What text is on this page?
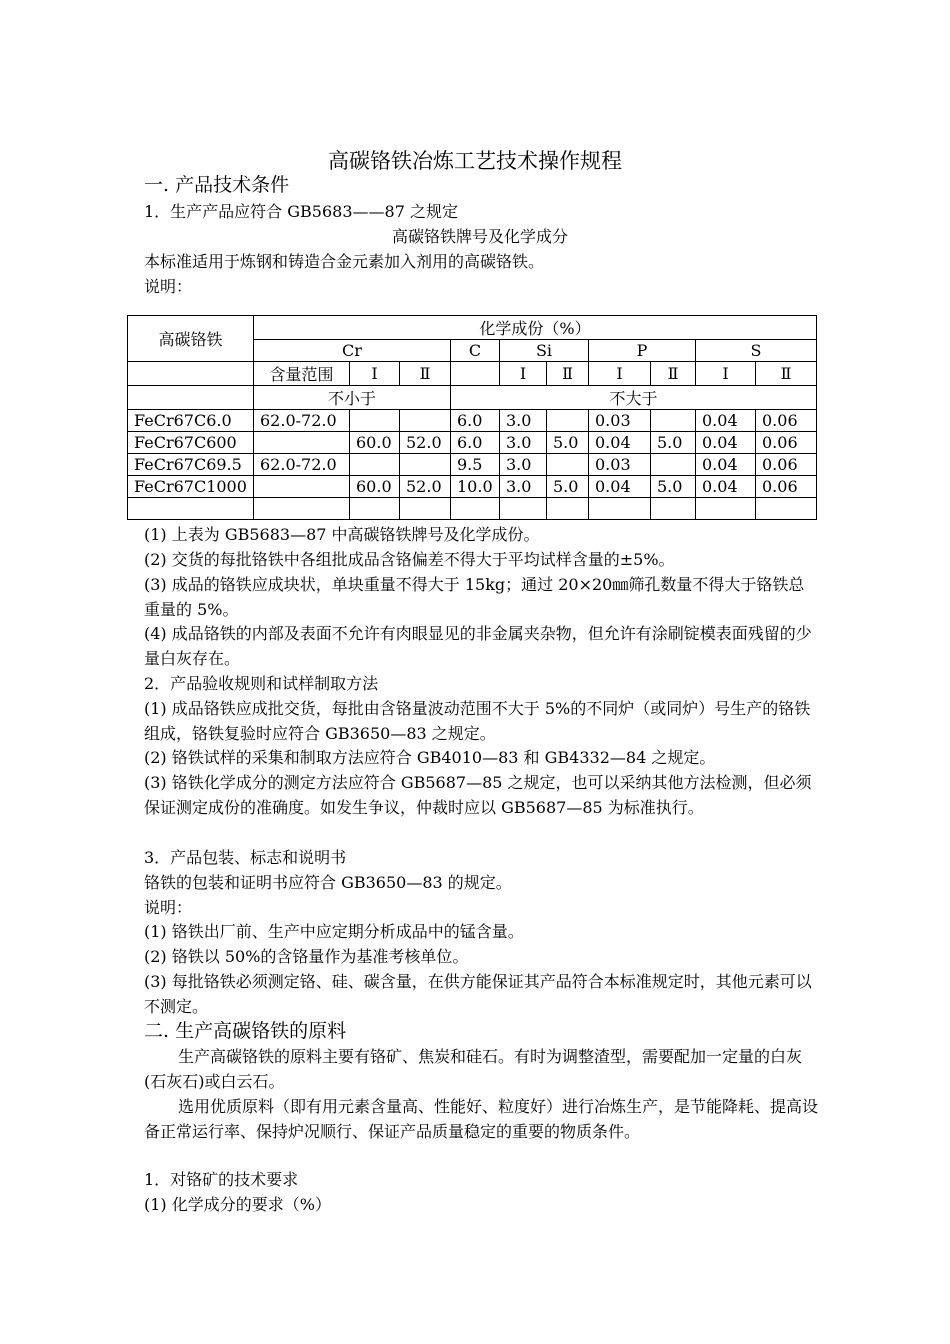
高碳铬铁冶炼工艺技术操作规程
一. 产品技术条件
1．生产产品应符合 GB5683——87 之规定
高碳铬铁牌号及化学成分
本标准适用于炼钢和铸造合金元素加入剂用的高碳铬铁。
说明：
高碳铬铁	化学成份（%）										
	Cr			C	Si		P		S		
	含量范围	Ⅰ	Ⅱ		Ⅰ	Ⅱ	Ⅰ	Ⅱ	Ⅰ	Ⅱ	
	不小于			不大于							
FeCr67C6.0	62.0-72.0			6.0	3.0		0.03		0.04	0.06	
FeCr67C600		60.0	52.0	6.0	3.0	5.0	0.04	5.0	0.04	0.06	
FeCr67C69.5	62.0-72.0			9.5	3.0		0.03		0.04	0.06	
FeCr67C1000		60.0	52.0	10.0	3.0	5.0	0.04	5.0	0.04	0.06	

(1) 上表为 GB5683—87 中高碳铬铁牌号及化学成份。
(2) 交货的每批铬铁中各组批成品含铬偏差不得大于平均试样含量的±5%。
(3) 成品的铬铁应成块状，单块重量不得大于 15kg；通过 20×20㎜筛孔数量不得大于铬铁总重量的 5%。
(4) 成品铬铁的内部及表面不允许有肉眼显见的非金属夹杂物，但允许有涂刷锭模表面残留的少量白灰存在。
2．产品验收规则和试样制取方法
(1) 成品铬铁应成批交货，每批由含铬量波动范围不大于 5%的不同炉（或同炉）号生产的铬铁组成，铬铁复验时应符合 GB3650—83 之规定。
(2) 铬铁试样的采集和制取方法应符合 GB4010—83 和 GB4332—84 之规定。
(3) 铬铁化学成分的测定方法应符合 GB5687—85 之规定，也可以采纳其他方法检测，但必须保证测定成份的准确度。如发生争议，仲裁时应以 GB5687—85 为标准执行。
3．产品包装、标志和说明书
铬铁的包装和证明书应符合 GB3650—83 的规定。
说明：
(1) 铬铁出厂前、生产中应定期分析成品中的锰含量。
(2) 铬铁以 50%的含铬量作为基准考核单位。
(3) 每批铬铁必须测定铬、硅、碳含量，在供方能保证其产品符合本标准规定时，其他元素可以不测定。
二. 生产高碳铬铁的原料
生产高碳铬铁的原料主要有铬矿、焦炭和硅石。有时为调整渣型，需要配加一定量的白灰(石灰石)或白云石。
选用优质原料（即有用元素含量高、性能好、粒度好）进行冶炼生产，是节能降耗、提高设备正常运行率、保持炉况顺行、保证产品质量稳定的重要的物质条件。
1．对铬矿的技术要求
(1) 化学成分的要求（%）
